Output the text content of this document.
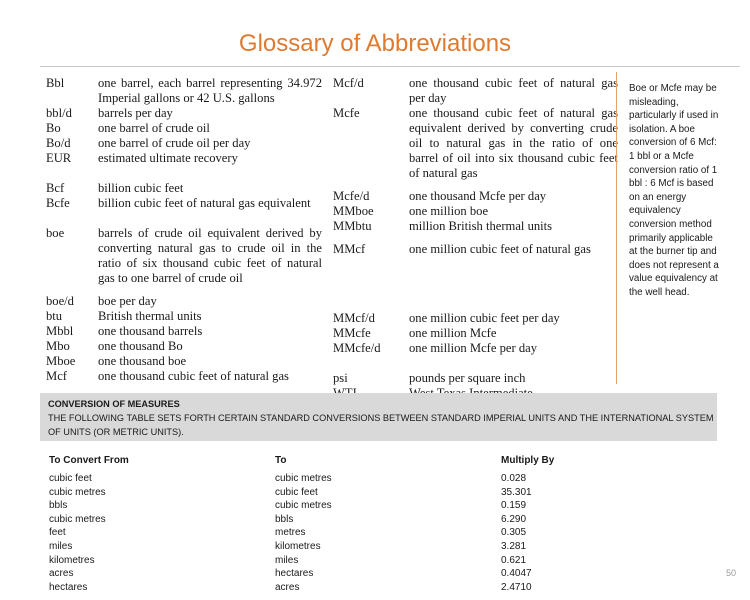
Glossary of Abbreviations
Bbl	one barrel, each barrel representing 34.972 Imperial gallons or 42 U.S. gallons
bbl/d	barrels per day
Bo	one barrel of crude oil
Bo/d	one barrel of crude oil per day
EUR	estimated ultimate recovery
Bcf	billion cubic feet
Bcfe	billion cubic feet of natural gas equivalent
boe	barrels of crude oil equivalent derived by converting natural gas to crude oil in the ratio of six thousand cubic feet of natural gas to one barrel of crude oil
boe/d	boe per day
btu	British thermal units
Mbbl	one thousand barrels
Mbo	one thousand Bo
Mboe	one thousand boe
Mcf	one thousand cubic feet of natural gas
Mcf/d	one thousand cubic feet of natural gas per day
Mcfe	one thousand cubic feet of natural gas equivalent derived by converting crude oil to natural gas in the ratio of one barrel of oil into six thousand cubic feet of natural gas
Mcfe/d	one thousand Mcfe per day
MMboe	one million boe
MMbtu	million British thermal units
MMcf	one million cubic feet of natural gas
MMcf/d	one million cubic feet per day
MMcfe	one million Mcfe
MMcfe/d	one million Mcfe per day
psi	pounds per square inch
Boe or Mcfe may be misleading, particularly if used in isolation. A boe conversion of 6 Mcf: 1 bbl or a Mcfe conversion ratio of 1 bbl : 6 Mcf is based on an energy equivalency conversion method primarily applicable at the burner tip and does not represent a value equivalency at the well head.
CONVERSION OF MEASURES
THE FOLLOWING TABLE SETS FORTH CERTAIN STANDARD CONVERSIONS BETWEEN STANDARD IMPERIAL UNITS AND THE INTERNATIONAL SYSTEM OF UNITS (OR METRIC UNITS).
To Convert From	To	Multiply By
cubic feet	cubic metres	0.028
cubic metres	cubic feet	35.301
bbls	cubic metres	0.159
cubic metres	bbls	6.290
feet	metres	0.305
miles	kilometres	3.281
kilometres	miles	0.621
acres	hectares	0.4047
hectares	acres	2.4710
50
